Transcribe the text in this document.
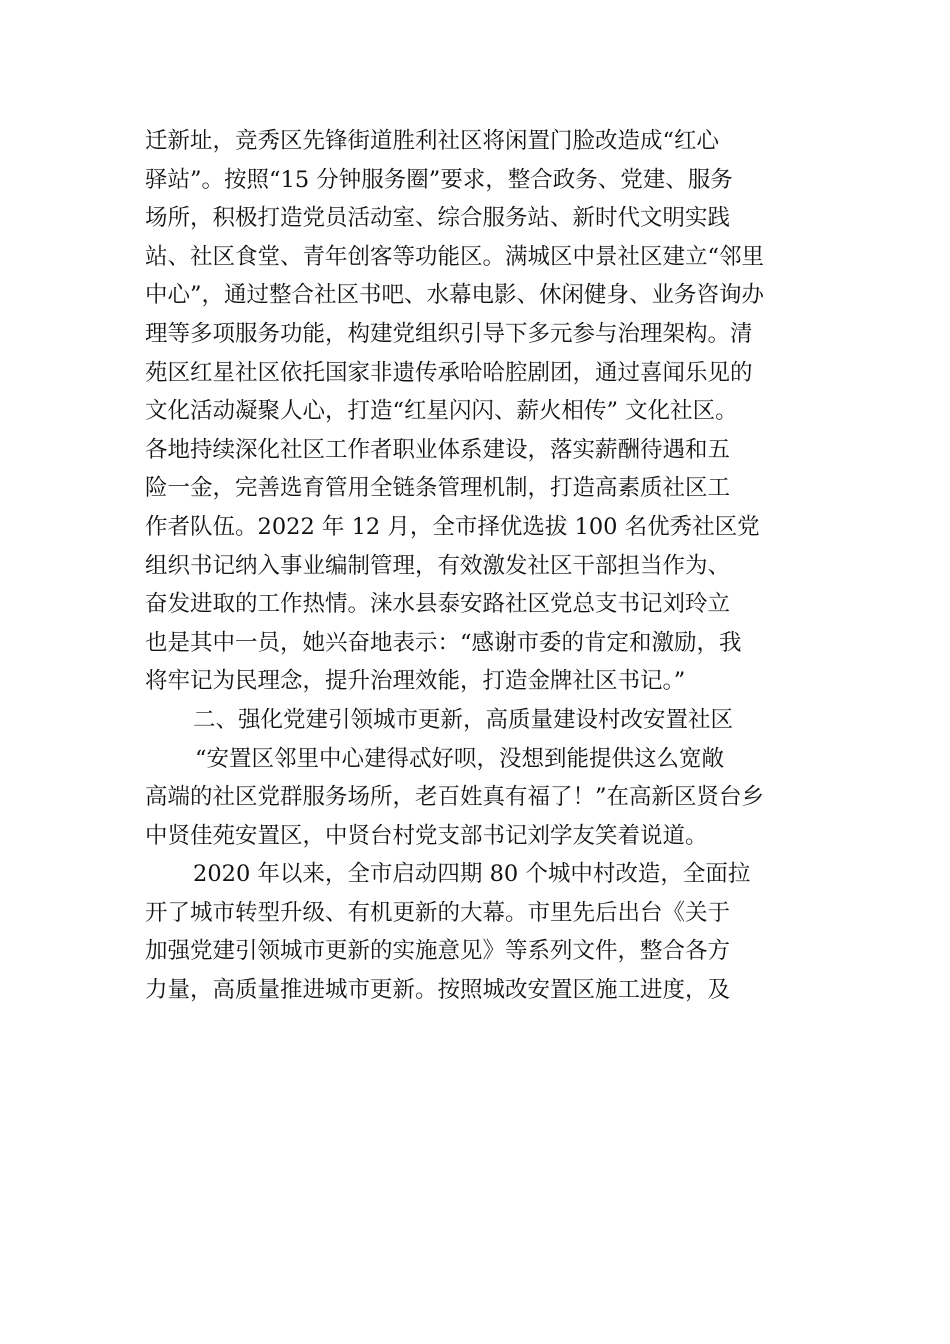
迁新址，竞秀区先锋街道胜利社区将闲置门脸改造成“红心
驿站”。按照“15 分钟服务圈”要求，整合政务、党建、服务
场所，积极打造党员活动室、综合服务站、新时代文明实践
站、社区食堂、青年创客等功能区。满城区中景社区建立“邻里
中心”，通过整合社区书吧、水幕电影、休闲健身、业务咨询办
理等多项服务功能，构建党组织引导下多元参与治理架构。清
苑区红星社区依托国家非遗传承哈哈腔剧团，通过喜闻乐见的
文化活动凝聚人心，打造“红星闪闪、薪火相传” 文化社区。
各地持续深化社区工作者职业体系建设，落实薪酬待遇和五
险一金，完善选育管用全链条管理机制，打造高素质社区工
作者队伍。2022 年 12 月，全市择优选拔 100 名优秀社区党
组织书记纳入事业编制管理，有效激发社区干部担当作为、
奋发进取的工作热情。涞水县泰安路社区党总支书记刘玲立
也是其中一员，她兴奋地表示：“感谢市委的肯定和激励，我
将牢记为民理念，提升治理效能，打造金牌社区书记。”
二、强化党建引领城市更新，高质量建设村改安置社区
“安置区邻里中心建得忒好呗，没想到能提供这么宽敞
高端的社区党群服务场所，老百姓真有福了！”在高新区贤台乡
中贤佳苑安置区，中贤台村党支部书记刘学友笑着说道。
2020 年以来，全市启动四期 80 个城中村改造，全面拉
开了城市转型升级、有机更新的大幕。市里先后出台《关于
加强党建引领城市更新的实施意见》等系列文件，整合各方
力量，高质量推进城市更新。按照城改安置区施工进度，及
